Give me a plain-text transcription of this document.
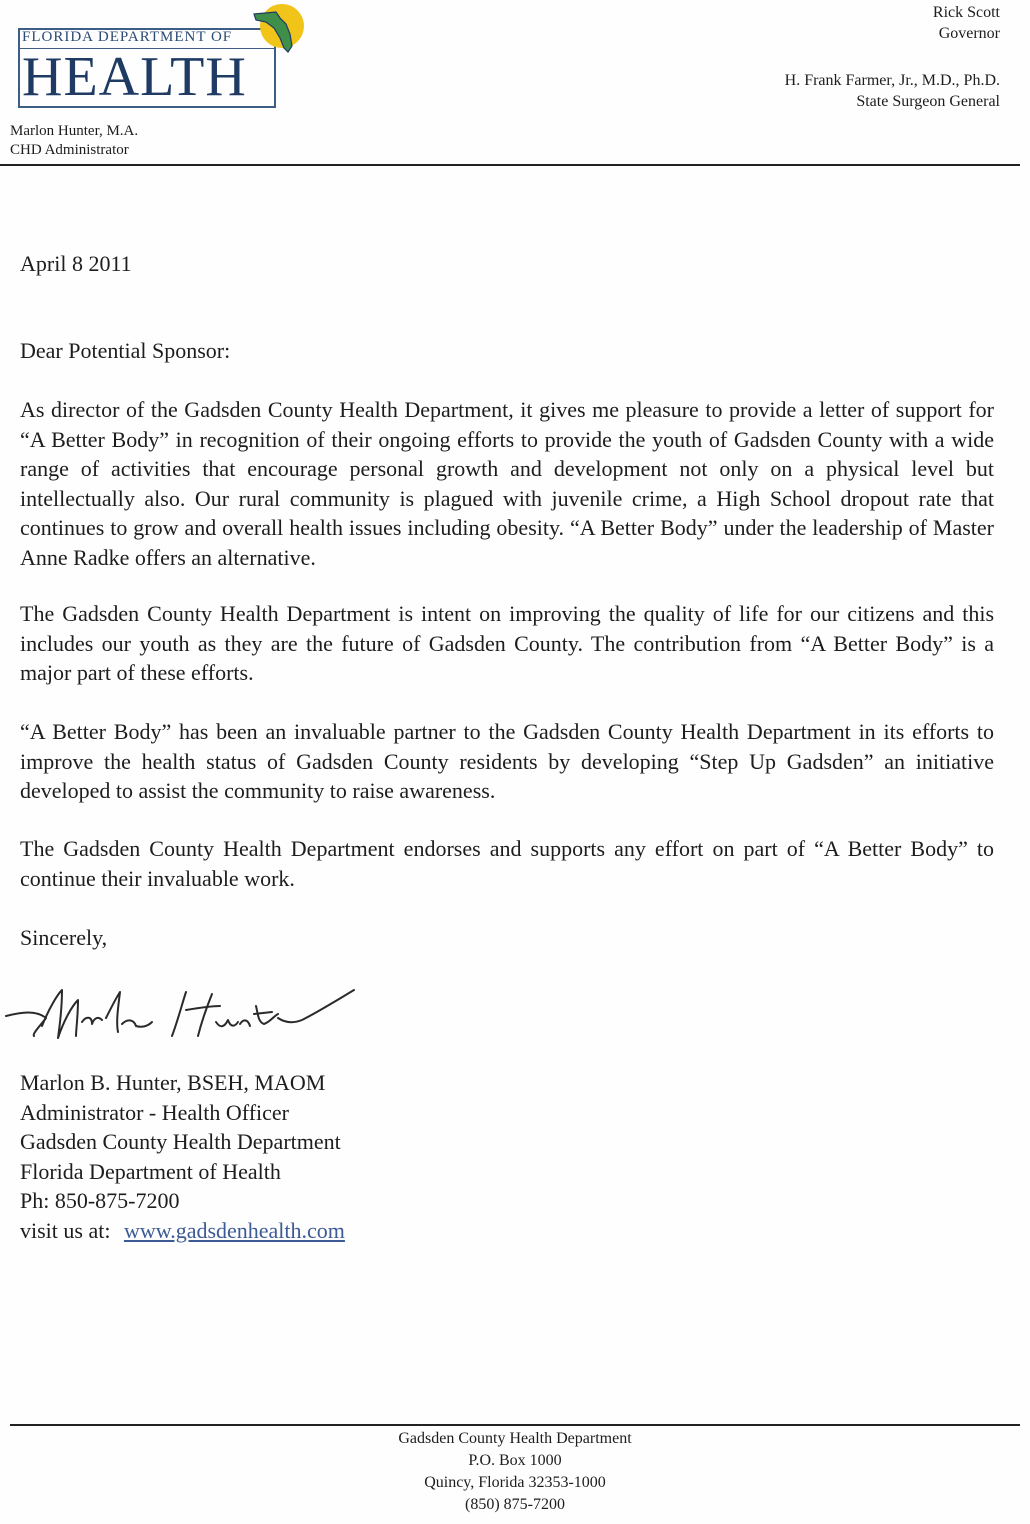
FLORIDA DEPARTMENT OF
HEALTH
Rick Scott
Governor
H. Frank Farmer, Jr., M.D., Ph.D.
State Surgeon General
Marlon Hunter, M.A.
CHD Administrator
April 8 2011
Dear Potential Sponsor:

As director of the Gadsden County Health Department, it gives me pleasure to provide a letter of support for “A Better Body” in recognition of their ongoing efforts to provide the youth of Gadsden County with a wide range of activities that encourage personal growth and development not only on a physical level but intellectually also. Our rural community is plagued with juvenile crime, a High School dropout rate that continues to grow and overall health issues including obesity. “A Better Body” under the leadership of Master Anne Radke offers an alternative.

The Gadsden County Health Department is intent on improving the quality of life for our citizens and this includes our youth as they are the future of Gadsden County. The contribution from “A Better Body” is a major part of these efforts.

“A Better Body” has been an invaluable partner to the Gadsden County Health Department in its efforts to improve the health status of Gadsden County residents by developing “Step Up Gadsden” an initiative developed to assist the community to raise awareness.

The Gadsden County Health Department endorses and supports any effort on part of “A Better Body” to continue their invaluable work.

Sincerely,
Marlon B. Hunter, BSEH, MAOM
Administrator - Health Officer
Gadsden County Health Department
Florida Department of Health
Ph: 850-875-7200
visit us at: www.gadsdenhealth.com
Gadsden County Health Department
P.O. Box 1000
Quincy, Florida 32353-1000
(850) 875-7200
